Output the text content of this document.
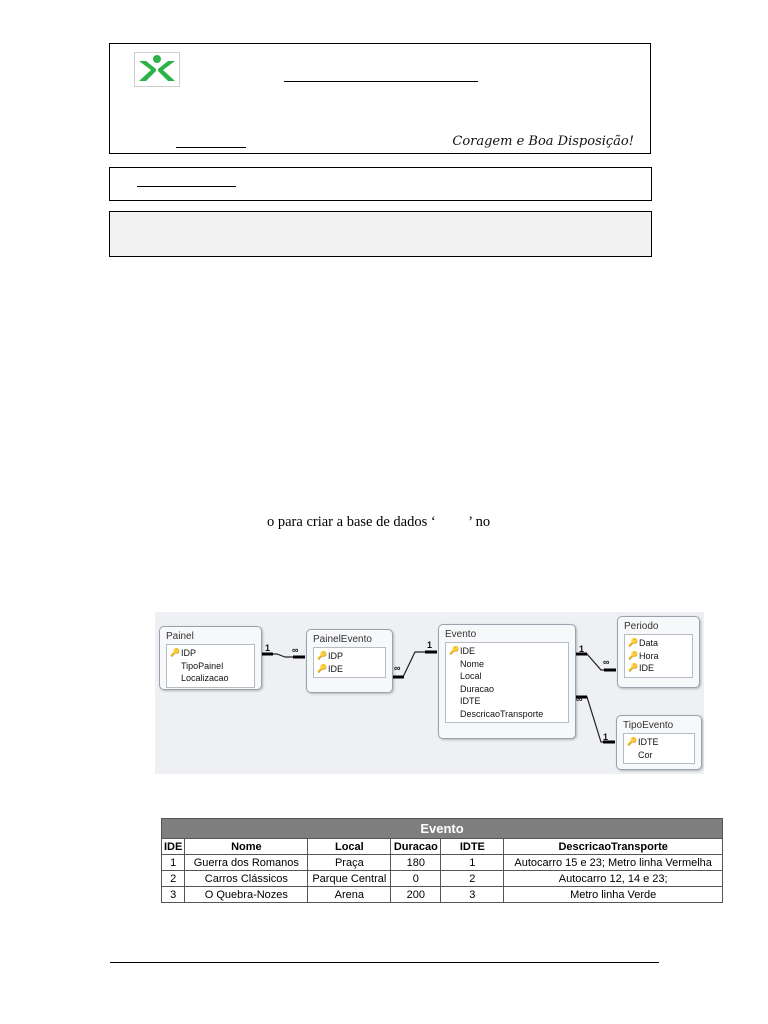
Coragem e Boa Disposição!
o para criar a base de dados ‘         ’ no
1 ∞
∞
1	1
∞
∞
1
Painel
🔑 IDP
TipoPainel
Localizacao
PainelEvento
🔑 IDP
🔑 IDE
Evento
🔑 IDE
Nome
Local
Duracao
IDTE
DescricaoTransporte
Periodo
🔑 Data
🔑 Hora
🔑 IDE
TipoEvento
🔑 IDTE
Cor
Evento					
IDE	Nome	Local	Duracao	IDTE	DescricaoTransporte
1	Guerra dos Romanos	Praça	180	1	Autocarro 15 e 23; Metro linha Vermelha
2	Carros Clássicos	Parque Central	0	2	Autocarro 12, 14 e 23;
3	O Quebra-Nozes	Arena	200	3	Metro linha Verde
